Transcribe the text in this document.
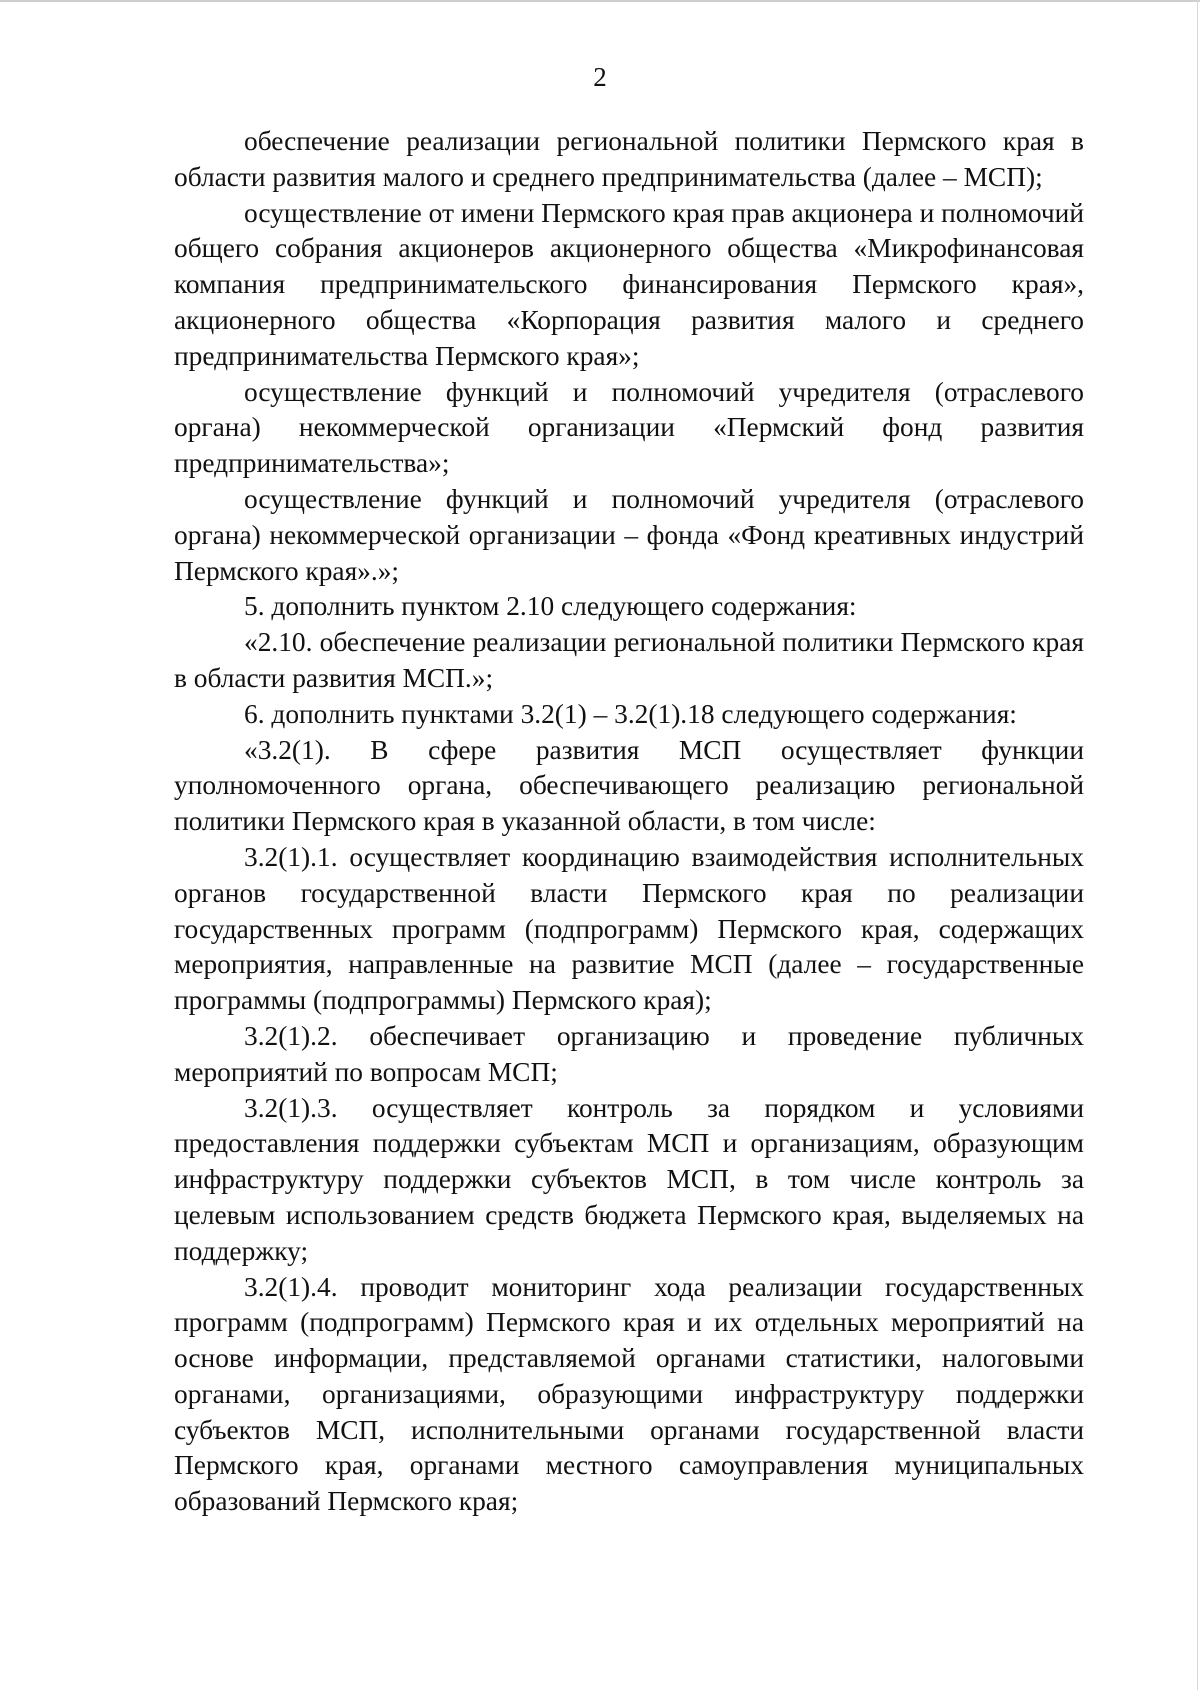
2

обеспечение реализации региональной политики Пермского края в области развития малого и среднего предпринимательства (далее – МСП);

осуществление от имени Пермского края прав акционера и полномочий общего собрания акционеров акционерного общества «Микрофинансовая компания предпринимательского финансирования Пермского края», акционерного общества «Корпорация развития малого и среднего предпринимательства Пермского края»;

осуществление функций и полномочий учредителя (отраслевого органа) некоммерческой организации «Пермский фонд развития предпринимательства»;

осуществление функций и полномочий учредителя (отраслевого органа) некоммерческой организации – фонда «Фонд креативных индустрий Пермского края».»;

5. дополнить пунктом 2.10 следующего содержания:

«2.10. обеспечение реализации региональной политики Пермского края в области развития МСП.»;

6. дополнить пунктами 3.2(1) – 3.2(1).18 следующего содержания:

«3.2(1). В сфере развития МСП осуществляет функции уполномоченного органа, обеспечивающего реализацию региональной политики Пермского края в указанной области, в том числе:

3.2(1).1. осуществляет координацию взаимодействия исполнительных органов государственной власти Пермского края по реализации государственных программ (подпрограмм) Пермского края, содержащих мероприятия, направленные на развитие МСП (далее – государственные программы (подпрограммы) Пермского края);

3.2(1).2. обеспечивает организацию и проведение публичных мероприятий по вопросам МСП;

3.2(1).3. осуществляет контроль за порядком и условиями предоставления поддержки субъектам МСП и организациям, образующим инфраструктуру поддержки субъектов МСП, в том числе контроль за целевым использованием средств бюджета Пермского края, выделяемых на поддержку;

3.2(1).4. проводит мониторинг хода реализации государственных программ (подпрограмм) Пермского края и их отдельных мероприятий на основе информации, представляемой органами статистики, налоговыми органами, организациями, образующими инфраструктуру поддержки субъектов МСП, исполнительными органами государственной власти Пермского края, органами местного самоуправления муниципальных образований Пермского края;
